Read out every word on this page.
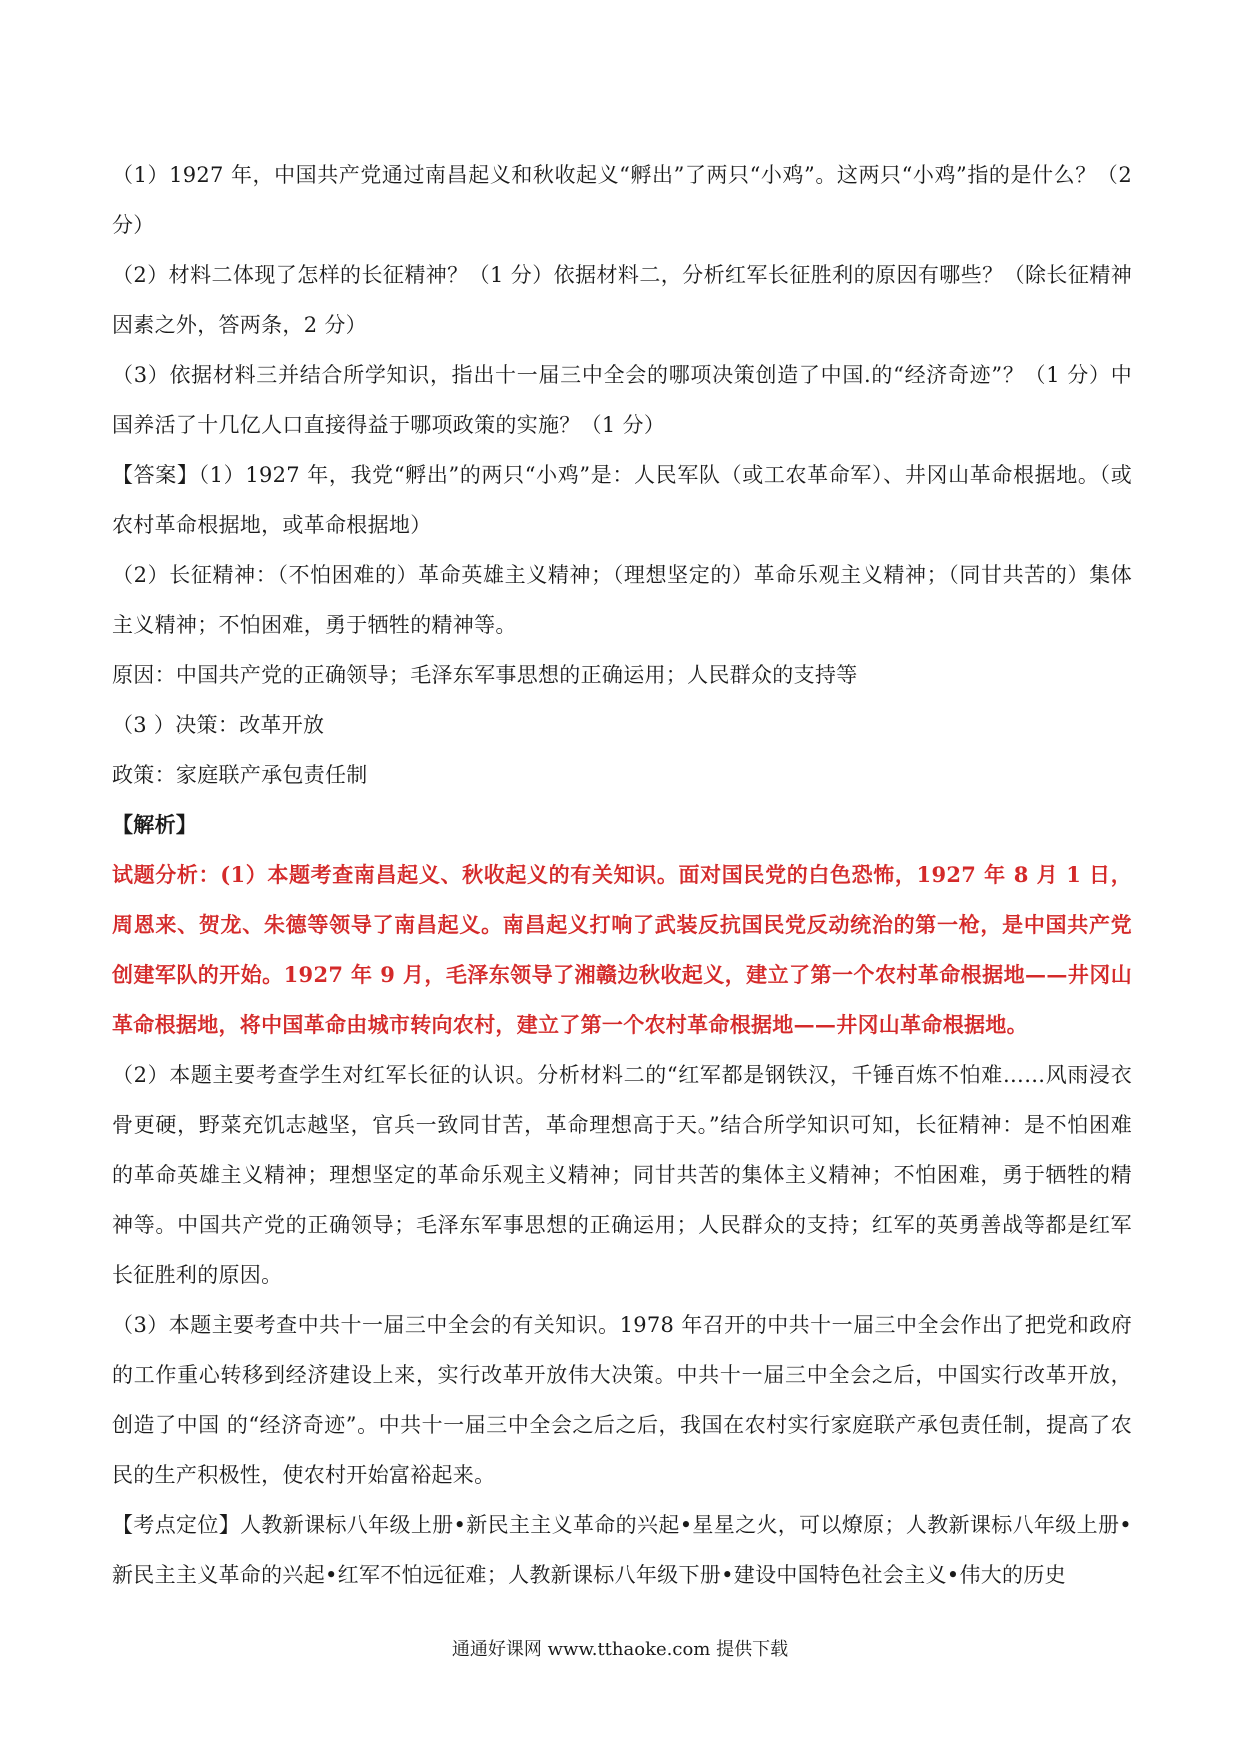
（1）1927 年，中国共产党通过南昌起义和秋收起义“孵出”了两只“小鸡”。这两只“小鸡”指的是什么？（2 分）

（2）材料二体现了怎样的长征精神？（1 分）依据材料二，分析红军长征胜利的原因有哪些？（除长征精神因素之外，答两条，2 分）

（3）依据材料三并结合所学知识，指出十一届三中全会的哪项决策创造了中国.的“经济奇迹”？（1 分）中国养活了十几亿人口直接得益于哪项政策的实施？（1 分）

【答案】（1）1927 年，我党“孵出”的两只“小鸡”是：人民军队（或工农革命军）、井冈山革命根据地。（或农村革命根据地，或革命根据地）

（2）长征精神：（不怕困难的）革命英雄主义精神；（理想坚定的）革命乐观主义精神；（同甘共苦的）集体主义精神；不怕困难，勇于牺牲的精神等。

原因：中国共产党的正确领导；毛泽东军事思想的正确运用；人民群众的支持等

（3 ）决策：改革开放

政策：家庭联产承包责任制

【解析】

试题分析：(1）本题考查南昌起义、秋收起义的有关知识。面对国民党的白色恐怖，1927 年 8 月 1 日，周恩来、贺龙、朱德等领导了南昌起义。南昌起义打响了武装反抗国民党反动统治的第一枪，是中国共产党创建军队的开始。1927 年 9 月，毛泽东领导了湘赣边秋收起义，建立了第一个农村革命根据地——井冈山革命根据地，将中国革命由城市转向农村，建立了第一个农村革命根据地——井冈山革命根据地。

（2）本题主要考查学生对红军长征的认识。分析材料二的“红军都是钢铁汉，千锤百炼不怕难……风雨浸衣骨更硬，野菜充饥志越坚，官兵一致同甘苦，革命理想高于天。”结合所学知识可知，长征精神：是不怕困难的革命英雄主义精神；理想坚定的革命乐观主义精神；同甘共苦的集体主义精神；不怕困难，勇于牺牲的精神等。中国共产党的正确领导；毛泽东军事思想的正确运用；人民群众的支持；红军的英勇善战等都是红军长征胜利的原因。

（3）本题主要考查中共十一届三中全会的有关知识。1978 年召开的中共十一届三中全会作出了把党和政府的工作重心转移到经济建设上来，实行改革开放伟大决策。中共十一届三中全会之后，中国实行改革开放，创造了中国 的“经济奇迹”。中共十一届三中全会之后之后，我国在农村实行家庭联产承包责任制，提高了农民的生产积极性，使农村开始富裕起来。

【考点定位】人教新课标八年级上册•新民主主义革命的兴起•星星之火，可以燎原；人教新课标八年级上册•新民主主义革命的兴起•红军不怕远征难；人教新课标八年级下册•建设中国特色社会主义•伟大的历史

通通好课网 www.tthaoke.com 提供下载
